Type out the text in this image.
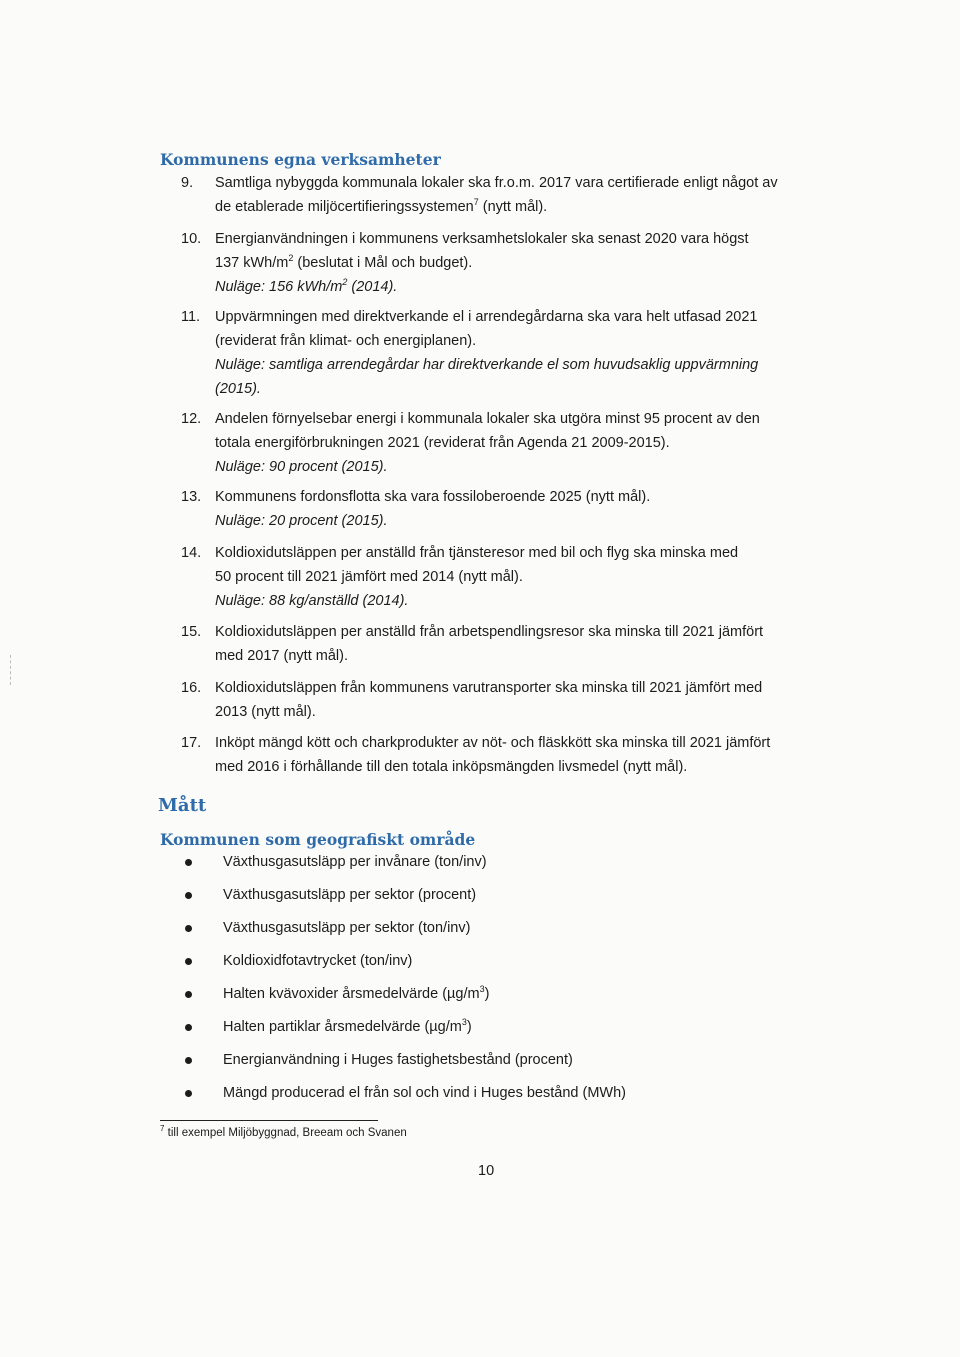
Kommunens egna verksamheter
9.	Samtliga nybyggda kommunala lokaler ska fr.o.m. 2017 vara certifierade enligt något av
de etablerade miljöcertifieringssystemen$^7$ (nytt mål).
10. Energianvändningen i kommunens verksamhetslokaler ska senast 2020 vara högst
137 kWh/$m^2$ (beslutat i Mål och budget).
Nuläge: 156 kWh/$m^2$ (2014).
11.	Uppvärmningen med direktverkande el i arrendegårdarna ska vara helt utfasad 2021
(reviderat från klimat- och energiplanen).
Nuläge: samtliga arrendegårdar har direktverkande el som huvudsaklig uppvärmning
(2015).
12. Andelen förnyelsebar energi i kommunala lokaler ska utgöra minst 95 procent av den
totala energiförbrukningen 2021 (reviderat från Agenda 21 2009-2015).
Nuläge: 90 procent (2015).
13. Kommunens fordonsflotta ska vara fossiloberoende 2025 (nytt mål).
Nuläge: 20 procent (2015).
14. Koldioxidutsläppen per anställd från tjänsteresor med bil och flyg ska minska med
50 procent till 2021 jämfört med 2014 (nytt mål).
Nuläge: 88 kg/anställd (2014).
15. Koldioxidutsläppen per anställd från arbetspendlingsresor ska minska till 2021 jämfört
med 2017 (nytt mål).
16. Koldioxidutsläppen från kommunens varutransporter ska minska till 2021 jämfört med
2013 (nytt mål).
17. Inköpt mängd kött och charkprodukter av nöt- och fläskkött ska minska till 2021 jämfört
med 2016 i förhållande till den totala inköpsmängden livsmedel (nytt mål).
Mått
Kommunen som geografiskt område
Växthusgasutsläpp per invånare (ton/inv)
Växthusgasutsläpp per sektor (procent)
Växthusgasutsläpp per sektor (ton/inv)
Koldioxidfotavtrycket (ton/inv)
Halten kvävoxider årsmedelvärde $(\mu g/m^3)$
Halten partiklar årsmedelvärde $(\mu g/m^3)$
Energianvändning i Huges fastighetsbestånd (procent)
Mängd producerad el från sol och vind i Huges bestånd (MWh)
$^7$ till exempel Miljöbyggnad, Breeam och Svanen
10
